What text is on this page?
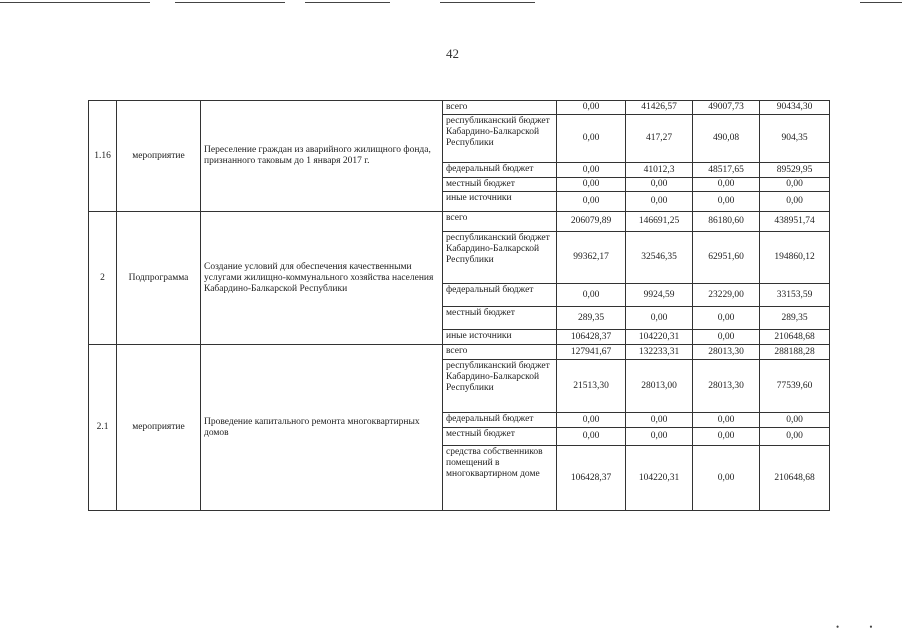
42
1.16	мероприятие	Переселение граждан из аварийного жилищного фонда, признанного таковым до 1 января 2017 г.	всего	0,00	41426,57	49007,73	90434,30
			республиканский бюджет Кабардино-Балкарской Республики	0,00	417,27	490,08	904,35
			федеральный бюджет	0,00	41012,3	48517,65	89529,95
			местный бюджет	0,00	0,00	0,00	0,00
			иные источники	0,00	0,00	0,00	0,00
2	Подпрограмма	Создание условий для обеспечения качественными услугами жилищно-коммунального хозяйства населения Кабардино-Балкарской Республики	всего	206079,89	146691,25	86180,60	438951,74
			республиканский бюджет Кабардино-Балкарской Республики	99362,17	32546,35	62951,60	194860,12
			федеральный бюджет	0,00	9924,59	23229,00	33153,59
			местный бюджет	289,35	0,00	0,00	289,35
			иные источники	106428,37	104220,31	0,00	210648,68
2.1	мероприятие	Проведение капитального ремонта многоквартирных домов	всего	127941,67	132233,31	28013,30	288188,28
			республиканский бюджет Кабардино-Балкарской Республики	21513,30	28013,00	28013,30	77539,60
			федеральный бюджет	0,00	0,00	0,00	0,00
			местный бюджет	0,00	0,00	0,00	0,00
			средства собственников помещений в многоквартирном доме	106428,37	104220,31	0,00	210648,68
• •
